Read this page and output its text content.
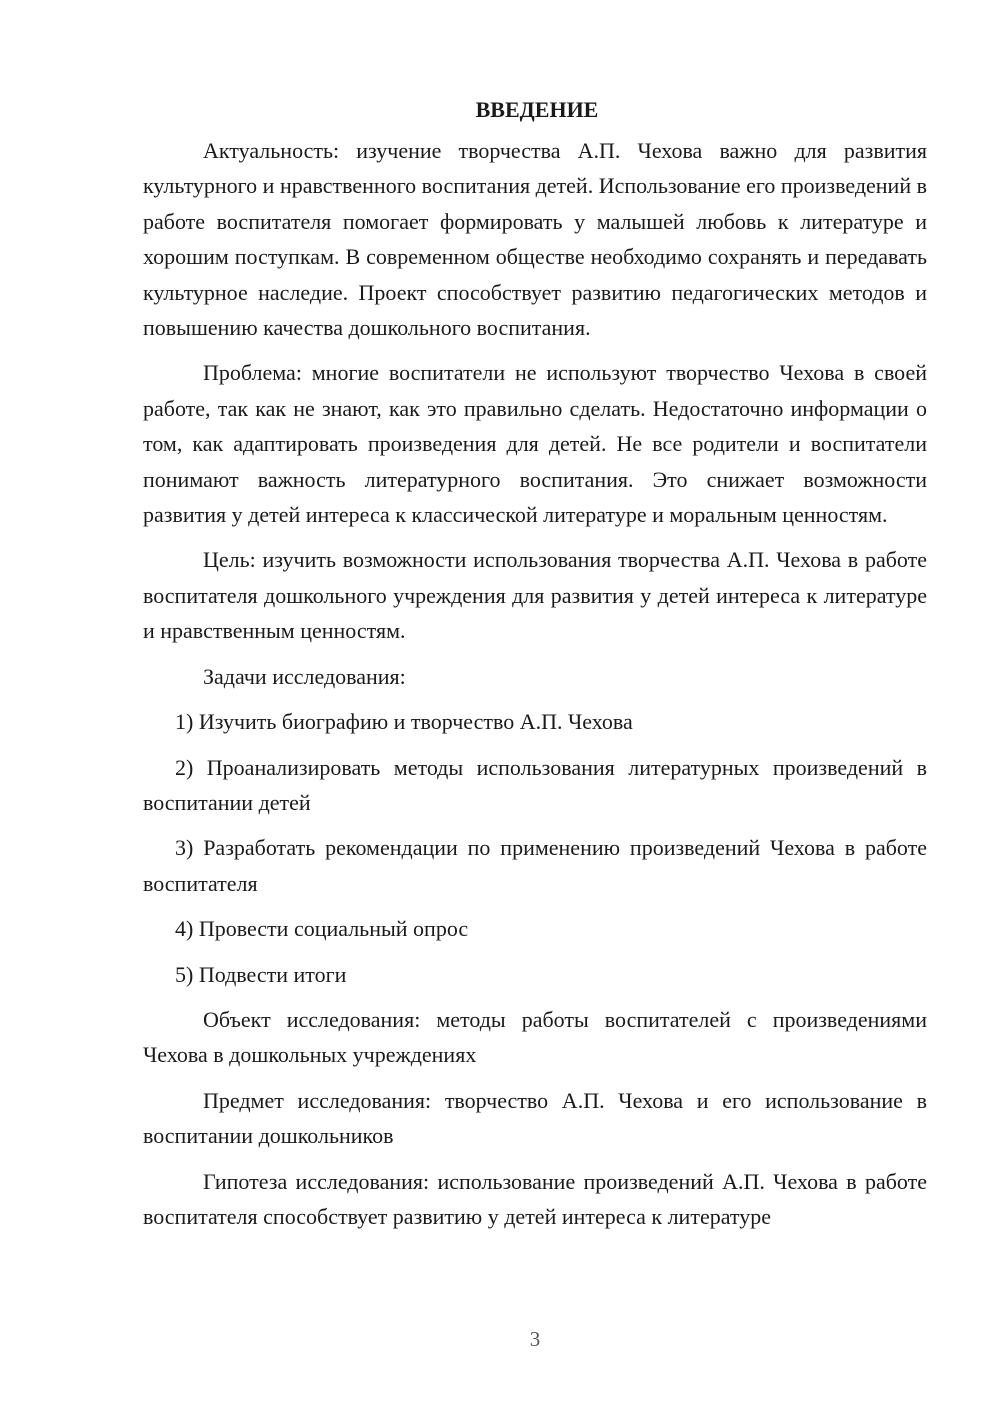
ВВЕДЕНИЕ

Актуальность: изучение творчества А.П. Чехова важно для развития культурного и нравственного воспитания детей. Использование его произведений в работе воспитателя помогает формировать у малышей любовь к литературе и хорошим поступкам. В современном обществе необходимо сохранять и передавать культурное наследие. Проект способствует развитию педагогических методов и повышению качества дошкольного воспитания.

Проблема: многие воспитатели не используют творчество Чехова в своей работе, так как не знают, как это правильно сделать. Недостаточно информации о том, как адаптировать произведения для детей. Не все родители и воспитатели понимают важность литературного воспитания. Это снижает возможности развития у детей интереса к классической литературе и моральным ценностям.

Цель: изучить возможности использования творчества А.П. Чехова в работе воспитателя дошкольного учреждения для развития у детей интереса к литературе и нравственным ценностям.

Задачи исследования:

1) Изучить биографию и творчество А.П. Чехова

2) Проанализировать методы использования литературных произведений в воспитании детей

3) Разработать рекомендации по применению произведений Чехова в работе воспитателя

4) Провести социальный опрос

5) Подвести итоги

Объект исследования: методы работы воспитателей с произведениями Чехова в дошкольных учреждениях

Предмет исследования: творчество А.П. Чехова и его использование в воспитании дошкольников

Гипотеза исследования: использование произведений А.П. Чехова в работе воспитателя способствует развитию у детей интереса к литературе

3
